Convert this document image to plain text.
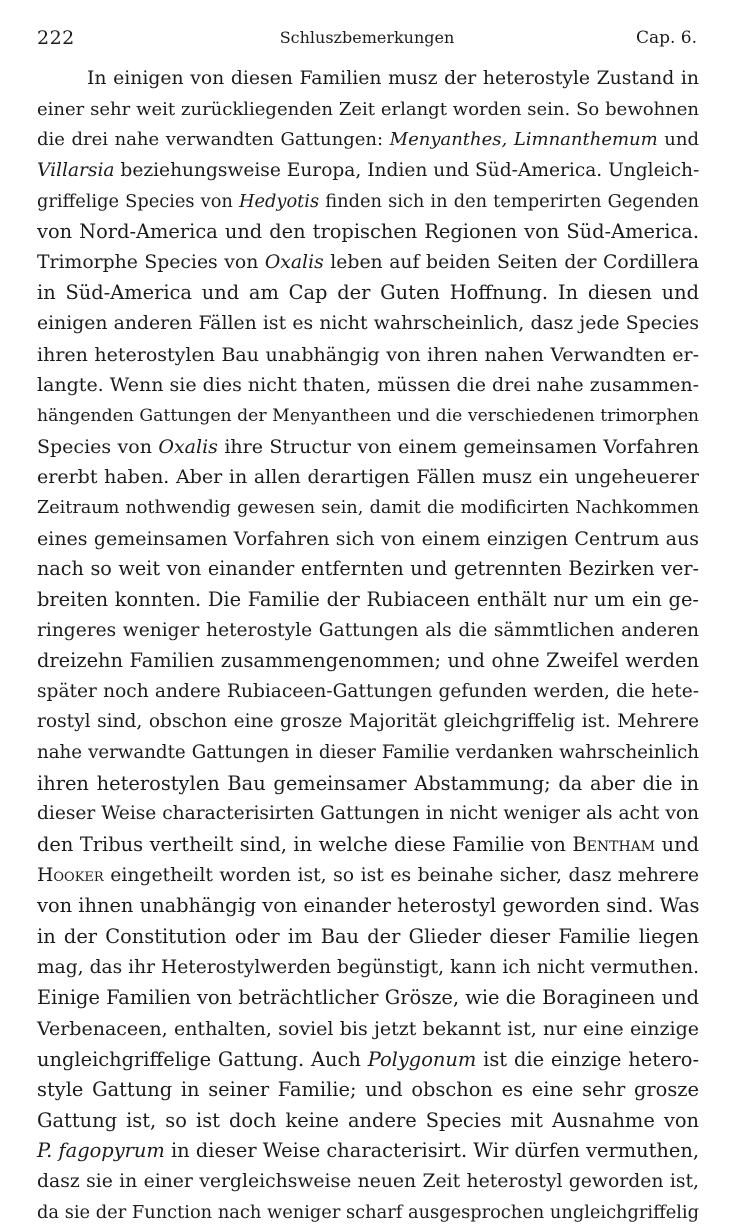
222	Schluszbemerkungen	Cap. 6.
In einigen von diesen Familien musz der heterostyle Zustand in
einer sehr weit zurückliegenden Zeit erlangt worden sein. So bewohnen
die drei nahe verwandten Gattungen: Menyanthes, Limnanthemum und
Villarsia beziehungsweise Europa, Indien und Süd-America. Ungleich-
griffelige Species von Hedyotis finden sich in den temperirten Gegenden
von Nord-America und den tropischen Regionen von Süd-America.
Trimorphe Species von Oxalis leben auf beiden Seiten der Cordillera
in Süd-America und am Cap der Guten Hoffnung. In diesen und
einigen anderen Fällen ist es nicht wahrscheinlich, dasz jede Species
ihren heterostylen Bau unabhängig von ihren nahen Verwandten er-
langte. Wenn sie dies nicht thaten, müssen die drei nahe zusammen-
hängenden Gattungen der Menyantheen und die verschiedenen trimorphen
Species von Oxalis ihre Structur von einem gemeinsamen Vorfahren
ererbt haben. Aber in allen derartigen Fällen musz ein ungeheuerer
Zeitraum nothwendig gewesen sein, damit die modificirten Nachkommen
eines gemeinsamen Vorfahren sich von einem einzigen Centrum aus
nach so weit von einander entfernten und getrennten Bezirken ver-
breiten konnten. Die Familie der Rubiaceen enthält nur um ein ge-
ringeres weniger heterostyle Gattungen als die sämmtlichen anderen
dreizehn Familien zusammengenommen; und ohne Zweifel werden
später noch andere Rubiaceen-Gattungen gefunden werden, die hete-
rostyl sind, obschon eine grosze Majorität gleichgriffelig ist. Mehrere
nahe verwandte Gattungen in dieser Familie verdanken wahrscheinlich
ihren heterostylen Bau gemeinsamer Abstammung; da aber die in
dieser Weise characterisirten Gattungen in nicht weniger als acht von
den Tribus vertheilt sind, in welche diese Familie von Bentham und
Hooker eingetheilt worden ist, so ist es beinahe sicher, dasz mehrere
von ihnen unabhängig von einander heterostyl geworden sind. Was
in der Constitution oder im Bau der Glieder dieser Familie liegen
mag, das ihr Heterostylwerden begünstigt, kann ich nicht vermuthen.
Einige Familien von beträchtlicher Grösze, wie die Boragineen und
Verbenaceen, enthalten, soviel bis jetzt bekannt ist, nur eine einzige
ungleichgriffelige Gattung. Auch Polygonum ist die einzige hetero-
style Gattung in seiner Familie; und obschon es eine sehr grosze
Gattung ist, so ist doch keine andere Species mit Ausnahme von
P. fagopyrum in dieser Weise characterisirt. Wir dürfen vermuthen,
dasz sie in einer vergleichsweise neuen Zeit heterostyl geworden ist,
da sie der Function nach weniger scharf ausgesprochen ungleichgriffelig
